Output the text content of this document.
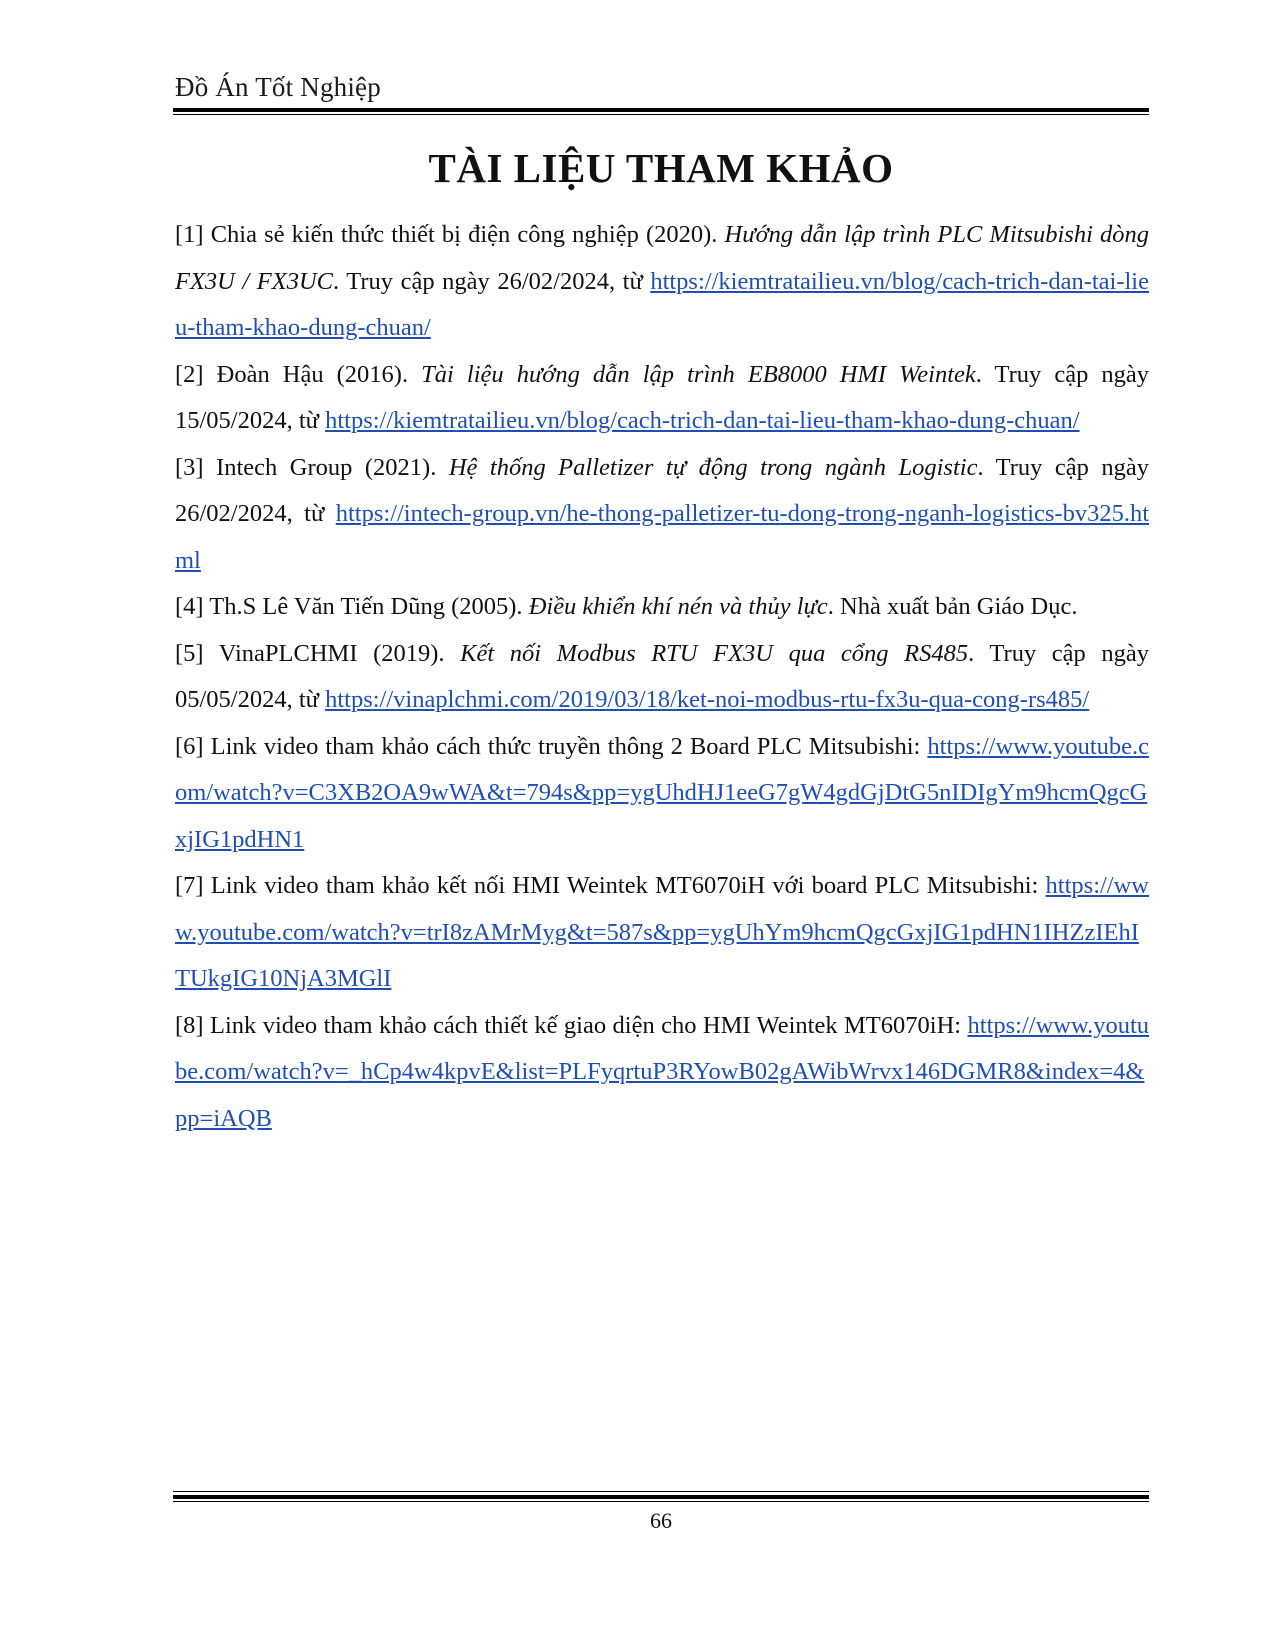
Đồ Án Tốt Nghiệp
TÀI LIỆU THAM KHẢO

[1] Chia sẻ kiến thức thiết bị điện công nghiệp (2020). Hướng dẫn lập trình PLC Mitsubishi dòng FX3U / FX3UC. Truy cập ngày 26/02/2024, từ https://kiemtratailieu.vn/blog/cach-trich-dan-tai-lieu-tham-khao-dung-chuan/

[2] Đoàn Hậu (2016). Tài liệu hướng dẫn lập trình EB8000 HMI Weintek. Truy cập ngày 15/05/2024, từ https://kiemtratailieu.vn/blog/cach-trich-dan-tai-lieu-tham-khao-dung-chuan/

[3] Intech Group (2021). Hệ thống Palletizer tự động trong ngành Logistic. Truy cập ngày 26/02/2024, từ https://intech-group.vn/he-thong-palletizer-tu-dong-trong-nganh-logistics-bv325.html

[4] Th.S Lê Văn Tiến Dũng (2005). Điều khiển khí nén và thủy lực. Nhà xuất bản Giáo Dục.

[5] VinaPLCHMI (2019). Kết nối Modbus RTU FX3U qua cổng RS485. Truy cập ngày 05/05/2024, từ https://vinaplchmi.com/2019/03/18/ket-noi-modbus-rtu-fx3u-qua-cong-rs485/

[6] Link video tham khảo cách thức truyền thông 2 Board PLC Mitsubishi: https://www.youtube.com/watch?v=C3XB2OA9wWA&t=794s&pp=ygUhdHJ1eeG7gW4gdGjDtG5nIDIgYm9hcmQgcGxjIG1pdHN1

[7] Link video tham khảo kết nối HMI Weintek MT6070iH với board PLC Mitsubishi: https://www.youtube.com/watch?v=trI8zAMrMyg&t=587s&pp=ygUhYm9hcmQgcGxjIG1pdHN1IHZzIEhITUkgIG10NjA3MGlI

[8] Link video tham khảo cách thiết kế giao diện cho HMI Weintek MT6070iH: https://www.youtube.com/watch?v=_hCp4w4kpvE&list=PLFyqrtuP3RYowB02gAWibWrvx146DGMR8&index=4&pp=iAQB

66
